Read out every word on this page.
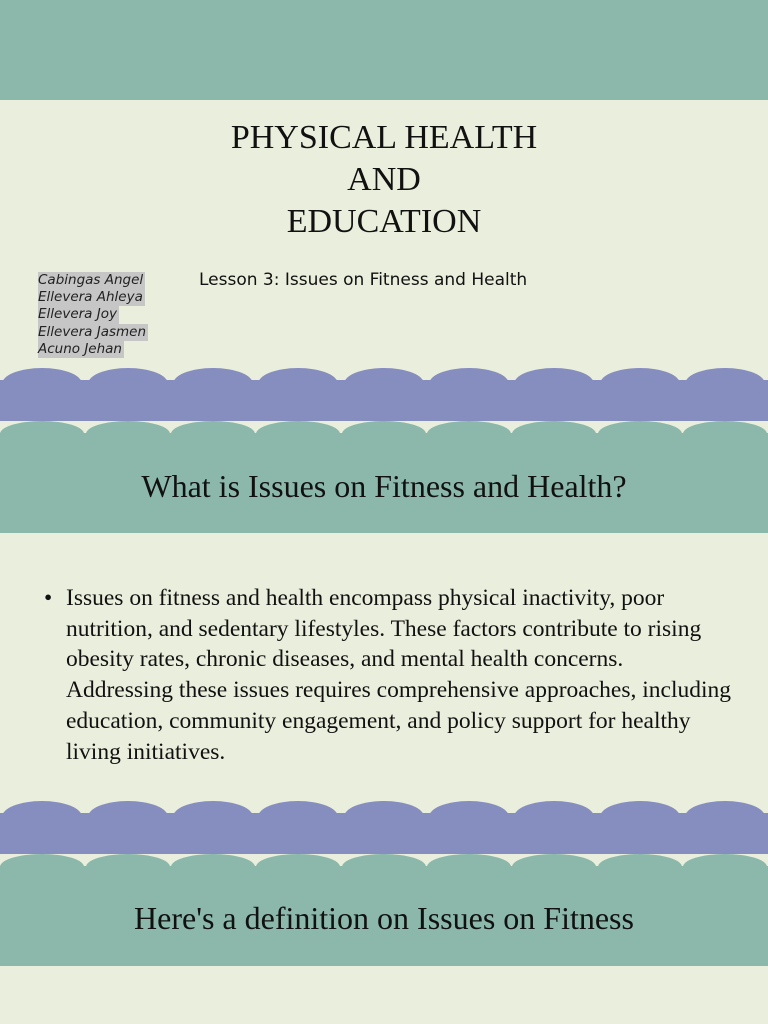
PHYSICAL HEALTH
AND
EDUCATION
Cabingas Angel
Ellevera Ahleya
Ellevera Joy
Ellevera Jasmen
Acuno Jehan
Lesson 3: Issues on Fitness and Health
What is Issues on Fitness and Health?
• Issues on fitness and health encompass physical inactivity, poor nutrition, and sedentary lifestyles. These factors contribute to rising obesity rates, chronic diseases, and mental health concerns. Addressing these issues requires comprehensive approaches, including education, community engagement, and policy support for healthy living initiatives.
Here's a definition on Issues on Fitness
